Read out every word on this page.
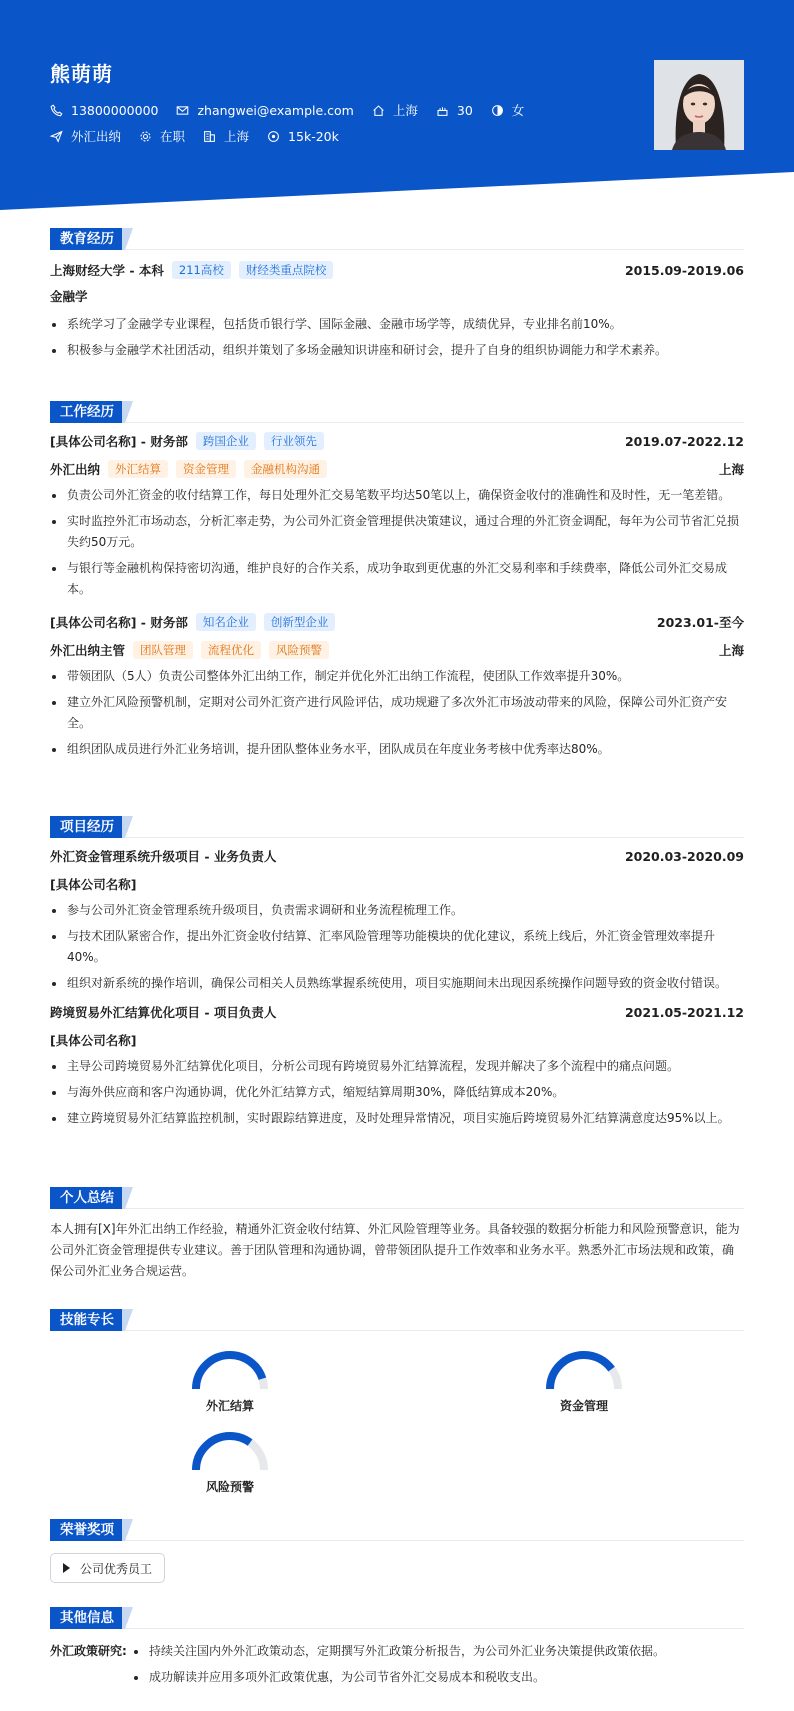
熊萌萌
13800000000	zhangwei@example.com	上海	30	女
外汇出纳	在职	上海	15k-20k
教育经历
上海财经大学 - 本科	211高校	财经类重点院校	2015.09-2019.06
金融学
系统学习了金融学专业课程，包括货币银行学、国际金融、金融市场学等，成绩优异，专业排名前10%。
积极参与金融学术社团活动，组织并策划了多场金融知识讲座和研讨会，提升了自身的组织协调能力和学术素养。
工作经历
[具体公司名称] - 财务部	跨国企业	行业领先	2019.07-2022.12
外汇出纳	外汇结算	资金管理	金融机构沟通	上海
负责公司外汇资金的收付结算工作，每日处理外汇交易笔数平均达50笔以上，确保资金收付的准确性和及时性，无一笔差错。
实时监控外汇市场动态，分析汇率走势，为公司外汇资金管理提供决策建议，通过合理的外汇资金调配，每年为公司节省汇兑损失约50万元。
与银行等金融机构保持密切沟通，维护良好的合作关系，成功争取到更优惠的外汇交易利率和手续费率，降低公司外汇交易成本。
[具体公司名称] - 财务部	知名企业	创新型企业	2023.01-至今
外汇出纳主管	团队管理	流程优化	风险预警	上海
带领团队（5人）负责公司整体外汇出纳工作，制定并优化外汇出纳工作流程，使团队工作效率提升30%。
建立外汇风险预警机制，定期对公司外汇资产进行风险评估，成功规避了多次外汇市场波动带来的风险，保障公司外汇资产安全。
组织团队成员进行外汇业务培训，提升团队整体业务水平，团队成员在年度业务考核中优秀率达80%。
项目经历
外汇资金管理系统升级项目 - 业务负责人	2020.03-2020.09
[具体公司名称]
参与公司外汇资金管理系统升级项目，负责需求调研和业务流程梳理工作。
与技术团队紧密合作，提出外汇资金收付结算、汇率风险管理等功能模块的优化建议，系统上线后，外汇资金管理效率提升40%。
组织对新系统的操作培训，确保公司相关人员熟练掌握系统使用，项目实施期间未出现因系统操作问题导致的资金收付错误。
跨境贸易外汇结算优化项目 - 项目负责人	2021.05-2021.12
[具体公司名称]
主导公司跨境贸易外汇结算优化项目，分析公司现有跨境贸易外汇结算流程，发现并解决了多个流程中的痛点问题。
与海外供应商和客户沟通协调，优化外汇结算方式，缩短结算周期30%，降低结算成本20%。
建立跨境贸易外汇结算监控机制，实时跟踪结算进度，及时处理异常情况，项目实施后跨境贸易外汇结算满意度达95%以上。
个人总结

本人拥有[X]年外汇出纳工作经验，精通外汇资金收付结算、外汇风险管理等业务。具备较强的数据分析能力和风险预警意识，能为公司外汇资金管理提供专业建议。善于团队管理和沟通协调，曾带领团队提升工作效率和业务水平。熟悉外汇市场法规和政策，确保公司外汇业务合规运营。

技能专长
外汇结算	资金管理
风险预警
荣誉奖项
公司优秀员工
其他信息
外汇政策研究:	持续关注国内外外汇政策动态，定期撰写外汇政策分析报告，为公司外汇业务决策提供政策依据。
成功解读并应用多项外汇政策优惠，为公司节省外汇交易成本和税收支出。
